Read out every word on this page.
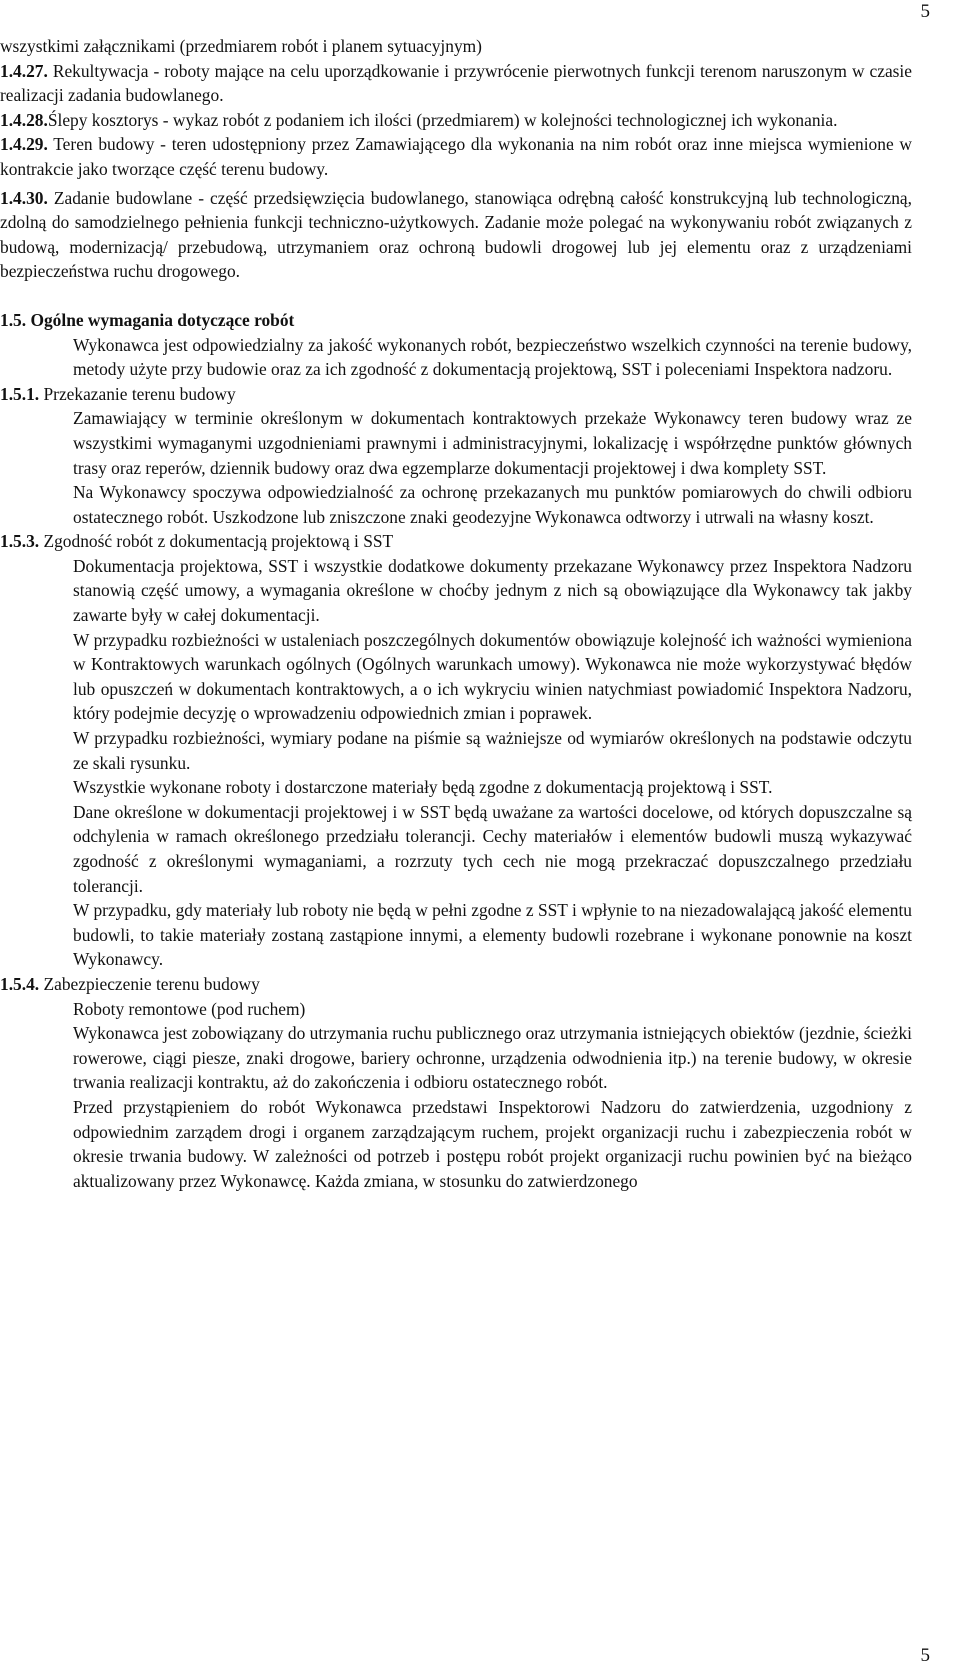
5

wszystkimi załącznikami (przedmiarem robót i planem sytuacyjnym)

1.4.27. Rekultywacja - roboty mające na celu uporządkowanie i przywrócenie pierwotnych funkcji terenom naruszonym w czasie realizacji zadania budowlanego.

1.4.28.Ślepy kosztorys - wykaz robót z podaniem ich ilości (przedmiarem) w kolejności technologicznej ich wykonania.

1.4.29. Teren budowy - teren udostępniony przez Zamawiającego dla wykonania na nim robót oraz inne miejsca wymienione w kontrakcie jako tworzące część terenu budowy.

1.4.30. Zadanie budowlane - część przedsięwzięcia budowlanego, stanowiąca odrębną całość konstrukcyjną lub technologiczną, zdolną do samodzielnego pełnienia funkcji techniczno-użytkowych. Zadanie może polegać na wykonywaniu robót związanych z budową, modernizacją/ przebudową, utrzymaniem oraz ochroną budowli drogowej lub jej elementu oraz z urządzeniami bezpieczeństwa ruchu drogowego.

1.5. Ogólne wymagania dotyczące robót

Wykonawca jest odpowiedzialny za jakość wykonanych robót, bezpieczeństwo wszelkich czynności na terenie budowy, metody użyte przy budowie oraz za ich zgodność z dokumentacją projektową, SST i poleceniami Inspektora nadzoru.

1.5.1. Przekazanie terenu budowy

Zamawiający w terminie określonym w dokumentach kontraktowych przekaże Wykonawcy teren budowy wraz ze wszystkimi wymaganymi uzgodnieniami prawnymi i administracyjnymi, lokalizację i współrzędne punktów głównych trasy oraz reperów, dziennik budowy oraz dwa egzemplarze dokumentacji projektowej i dwa komplety SST.

Na Wykonawcy spoczywa odpowiedzialność za ochronę przekazanych mu punktów pomiarowych do chwili odbioru ostatecznego robót. Uszkodzone lub zniszczone znaki geodezyjne Wykonawca odtworzy i utrwali na własny koszt.

1.5.3. Zgodność robót z dokumentacją projektową i SST

Dokumentacja projektowa, SST i wszystkie dodatkowe dokumenty przekazane Wykonawcy przez Inspektora Nadzoru stanowią część umowy, a wymagania określone w choćby jednym z nich są obowiązujące dla Wykonawcy tak jakby zawarte były w całej dokumentacji.

W przypadku rozbieżności w ustaleniach poszczególnych dokumentów obowiązuje kolejność ich ważności wymieniona w Kontraktowych warunkach ogólnych (Ogólnych warunkach umowy). Wykonawca nie może wykorzystywać błędów lub opuszczeń w dokumentach kontraktowych, a o ich wykryciu winien natychmiast powiadomić Inspektora Nadzoru, który podejmie decyzję o wprowadzeniu odpowiednich zmian i poprawek.

W przypadku rozbieżności, wymiary podane na piśmie są ważniejsze od wymiarów określonych na podstawie odczytu ze skali rysunku.

Wszystkie wykonane roboty i dostarczone materiały będą zgodne z dokumentacją projektową i SST.

Dane określone w dokumentacji projektowej i w SST będą uważane za wartości docelowe, od których dopuszczalne są odchylenia w ramach określonego przedziału tolerancji. Cechy materiałów i elementów budowli muszą wykazywać zgodność z określonymi wymaganiami, a rozrzuty tych cech nie mogą przekraczać dopuszczalnego przedziału tolerancji.

W przypadku, gdy materiały lub roboty nie będą w pełni zgodne z SST i wpłynie to na niezadowalającą jakość elementu budowli, to takie materiały zostaną zastąpione innymi, a elementy budowli rozebrane i wykonane ponownie na koszt Wykonawcy.

1.5.4. Zabezpieczenie terenu budowy

Roboty remontowe (pod ruchem)

Wykonawca jest zobowiązany do utrzymania ruchu publicznego oraz utrzymania istniejących obiektów (jezdnie, ścieżki rowerowe, ciągi piesze, znaki drogowe, bariery ochronne, urządzenia odwodnienia itp.) na terenie budowy, w okresie trwania realizacji kontraktu, aż do zakończenia i odbioru ostatecznego robót.

Przed przystąpieniem do robót Wykonawca przedstawi Inspektorowi Nadzoru do zatwierdzenia, uzgodniony z odpowiednim zarządem drogi i organem zarządzającym ruchem, projekt organizacji ruchu i zabezpieczenia robót w okresie trwania budowy. W zależności od potrzeb i postępu robót projekt organizacji ruchu powinien być na bieżąco aktualizowany przez Wykonawcę. Każda zmiana, w stosunku do zatwierdzonego

5
